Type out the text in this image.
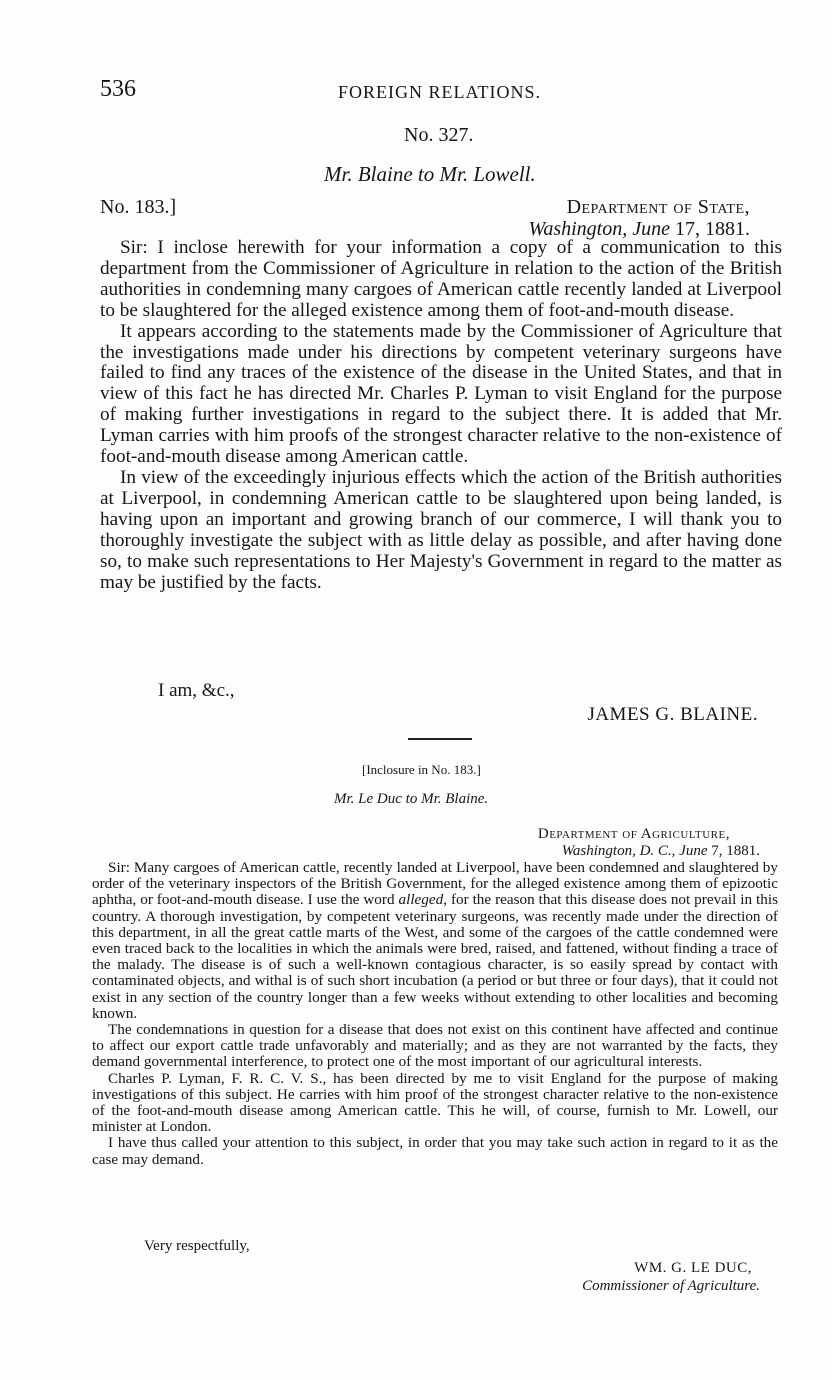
536	FOREIGN RELATIONS.
No. 327.
Mr. Blaine to Mr. Lowell.
No. 183.]	Department of State,
Washington, June 17, 1881.

Sir: I inclose herewith for your information a copy of a communication to this department from the Commissioner of Agriculture in relation to the action of the British authorities in condemning many cargoes of American cattle recently landed at Liverpool to be slaughtered for the alleged existence among them of foot-and-mouth disease.

It appears according to the statements made by the Commissioner of Agriculture that the investigations made under his directions by competent veterinary surgeons have failed to find any traces of the existence of the disease in the United States, and that in view of this fact he has directed Mr. Charles P. Lyman to visit England for the purpose of making further investigations in regard to the subject there. It is added that Mr. Lyman carries with him proofs of the strongest character relative to the non-existence of foot-and-mouth disease among American cattle.

In view of the exceedingly injurious effects which the action of the British authorities at Liverpool, in condemning American cattle to be slaughtered upon being landed, is having upon an important and growing branch of our commerce, I will thank you to thoroughly investigate the subject with as little delay as possible, and after having done so, to make such representations to Her Majesty's Government in regard to the matter as may be justified by the facts.

I am, &c.,
JAMES G. BLAINE.
[Inclosure in No. 183.]
Mr. Le Duc to Mr. Blaine.
Department of Agriculture,
Washington, D. C., June 7, 1881.

Sir: Many cargoes of American cattle, recently landed at Liverpool, have been condemned and slaughtered by order of the veterinary inspectors of the British Government, for the alleged existence among them of epizootic aphtha, or foot-and-mouth disease. I use the word alleged, for the reason that this disease does not prevail in this country. A thorough investigation, by competent veterinary surgeons, was recently made under the direction of this department, in all the great cattle marts of the West, and some of the cargoes of the cattle condemned were even traced back to the localities in which the animals were bred, raised, and fattened, without finding a trace of the malady. The disease is of such a well-known contagious character, is so easily spread by contact with contaminated objects, and withal is of such short incubation (a period or but three or four days), that it could not exist in any section of the country longer than a few weeks without extending to other localities and becoming known.

The condemnations in question for a disease that does not exist on this continent have affected and continue to affect our export cattle trade unfavorably and materially; and as they are not warranted by the facts, they demand governmental interference, to protect one of the most important of our agricultural interests.

Charles P. Lyman, F. R. C. V. S., has been directed by me to visit England for the purpose of making investigations of this subject. He carries with him proof of the strongest character relative to the non-existence of the foot-and-mouth disease among American cattle. This he will, of course, furnish to Mr. Lowell, our minister at London.

I have thus called your attention to this subject, in order that you may take such action in regard to it as the case may demand.

Very respectfully,
WM. G. LE DUC,
Commissioner of Agriculture.
